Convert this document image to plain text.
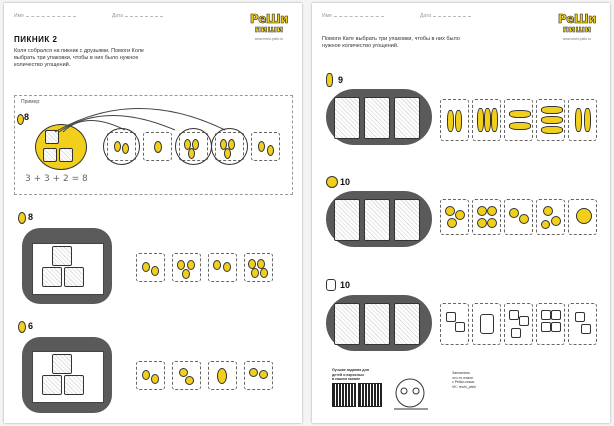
Имя	Дата	РеШи
пиши
www.reshi-pishi.ru
ПИКНИК 2
Коля собрался на пикник с друзьями. Помоги Коле
выбрать три упаковки, чтобы в них было нужное
количество угощений.
Пример:
8
3 + 3 + 2 = 8
8
6
Имя	Дата	РеШи
пиши
www.reshi-pishi.ru
Помоги Кате выбрать три упаковки, чтобы в них было
нужное количество угощений.
9
10
10
Лучшие задания для
детей и взрослых
в нашем канале
Запомнить
что-то новое
с РеШи-пиши
VK: reshi_pishi
